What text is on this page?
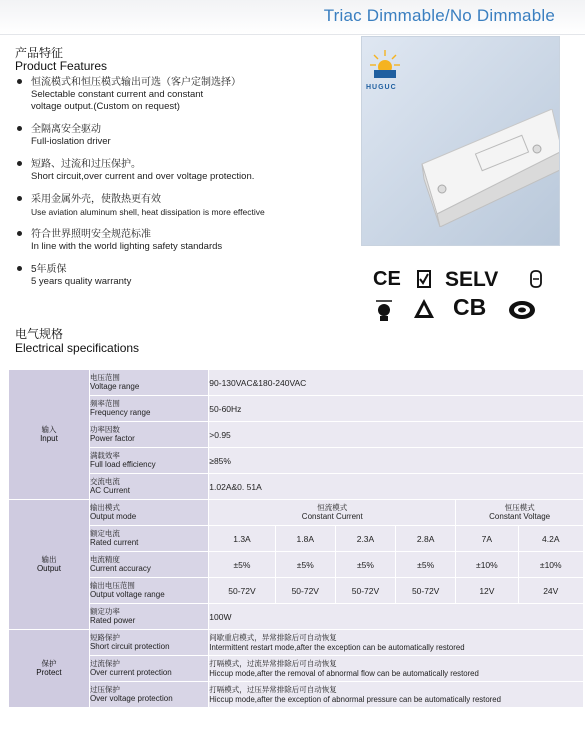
Triac Dimmable/No Dimmable
产品特征
Product Features
恒流模式和恒压模式输出可选（客户定制选择）
Selectable constant current and constant
voltage output.(Custom on request)
全隔离安全驱动
Full-ioslation driver
短路、过流和过压保护。
Short circuit,over current and over voltage protection.
采用金属外壳，使散热更有效
Use aviation aluminum shell, heat dissipation is more effective
符合世界照明安全规范标准
In line with the world lighting safety standards
5年质保
5 years quality warranty
HUGUC
CE SELV
CB
电气规格
Electrical specifications
输入
Input	电压范围
Voltage range	90-130VAC&180-240VAC					

	频率范围
Frequency range	50-60Hz					

	功率因数
Power factor	>0.95					

	满载效率
Full load efficiency	≥85%					

	交流电流
AC Current	1.02A&0. 51A					

输出
Output	输出模式
Output mode	恒流模式
Constant Current				恒压模式
Constant Voltage	

	额定电流
Rated current	1.3A	1.8A	2.3A	2.8A	7A	4.2A

	电流精度
Current accuracy	±5%	±5%	±5%	±5%	±10%	±10%

	输出电压范围
Output voltage range	50-72V	50-72V	50-72V	50-72V	12V	24V

	额定功率
Rated power	100W					

保护
Protect	短路保护
Short circuit protection	间歇重启模式，异常排除后可自动恢复
Intermittent restart mode,after the exception can be automatically restored					

	过流保护
Over current protection	打嗝模式，过流异常排除后可自动恢复
Hiccup mode,after the removal of abnormal flow can be automatically restored					

	过压保护
Over voltage protection	打嗝模式，过压异常排除后可自动恢复
Hiccup mode,after the exception of abnormal pressure can be automatically restored					
